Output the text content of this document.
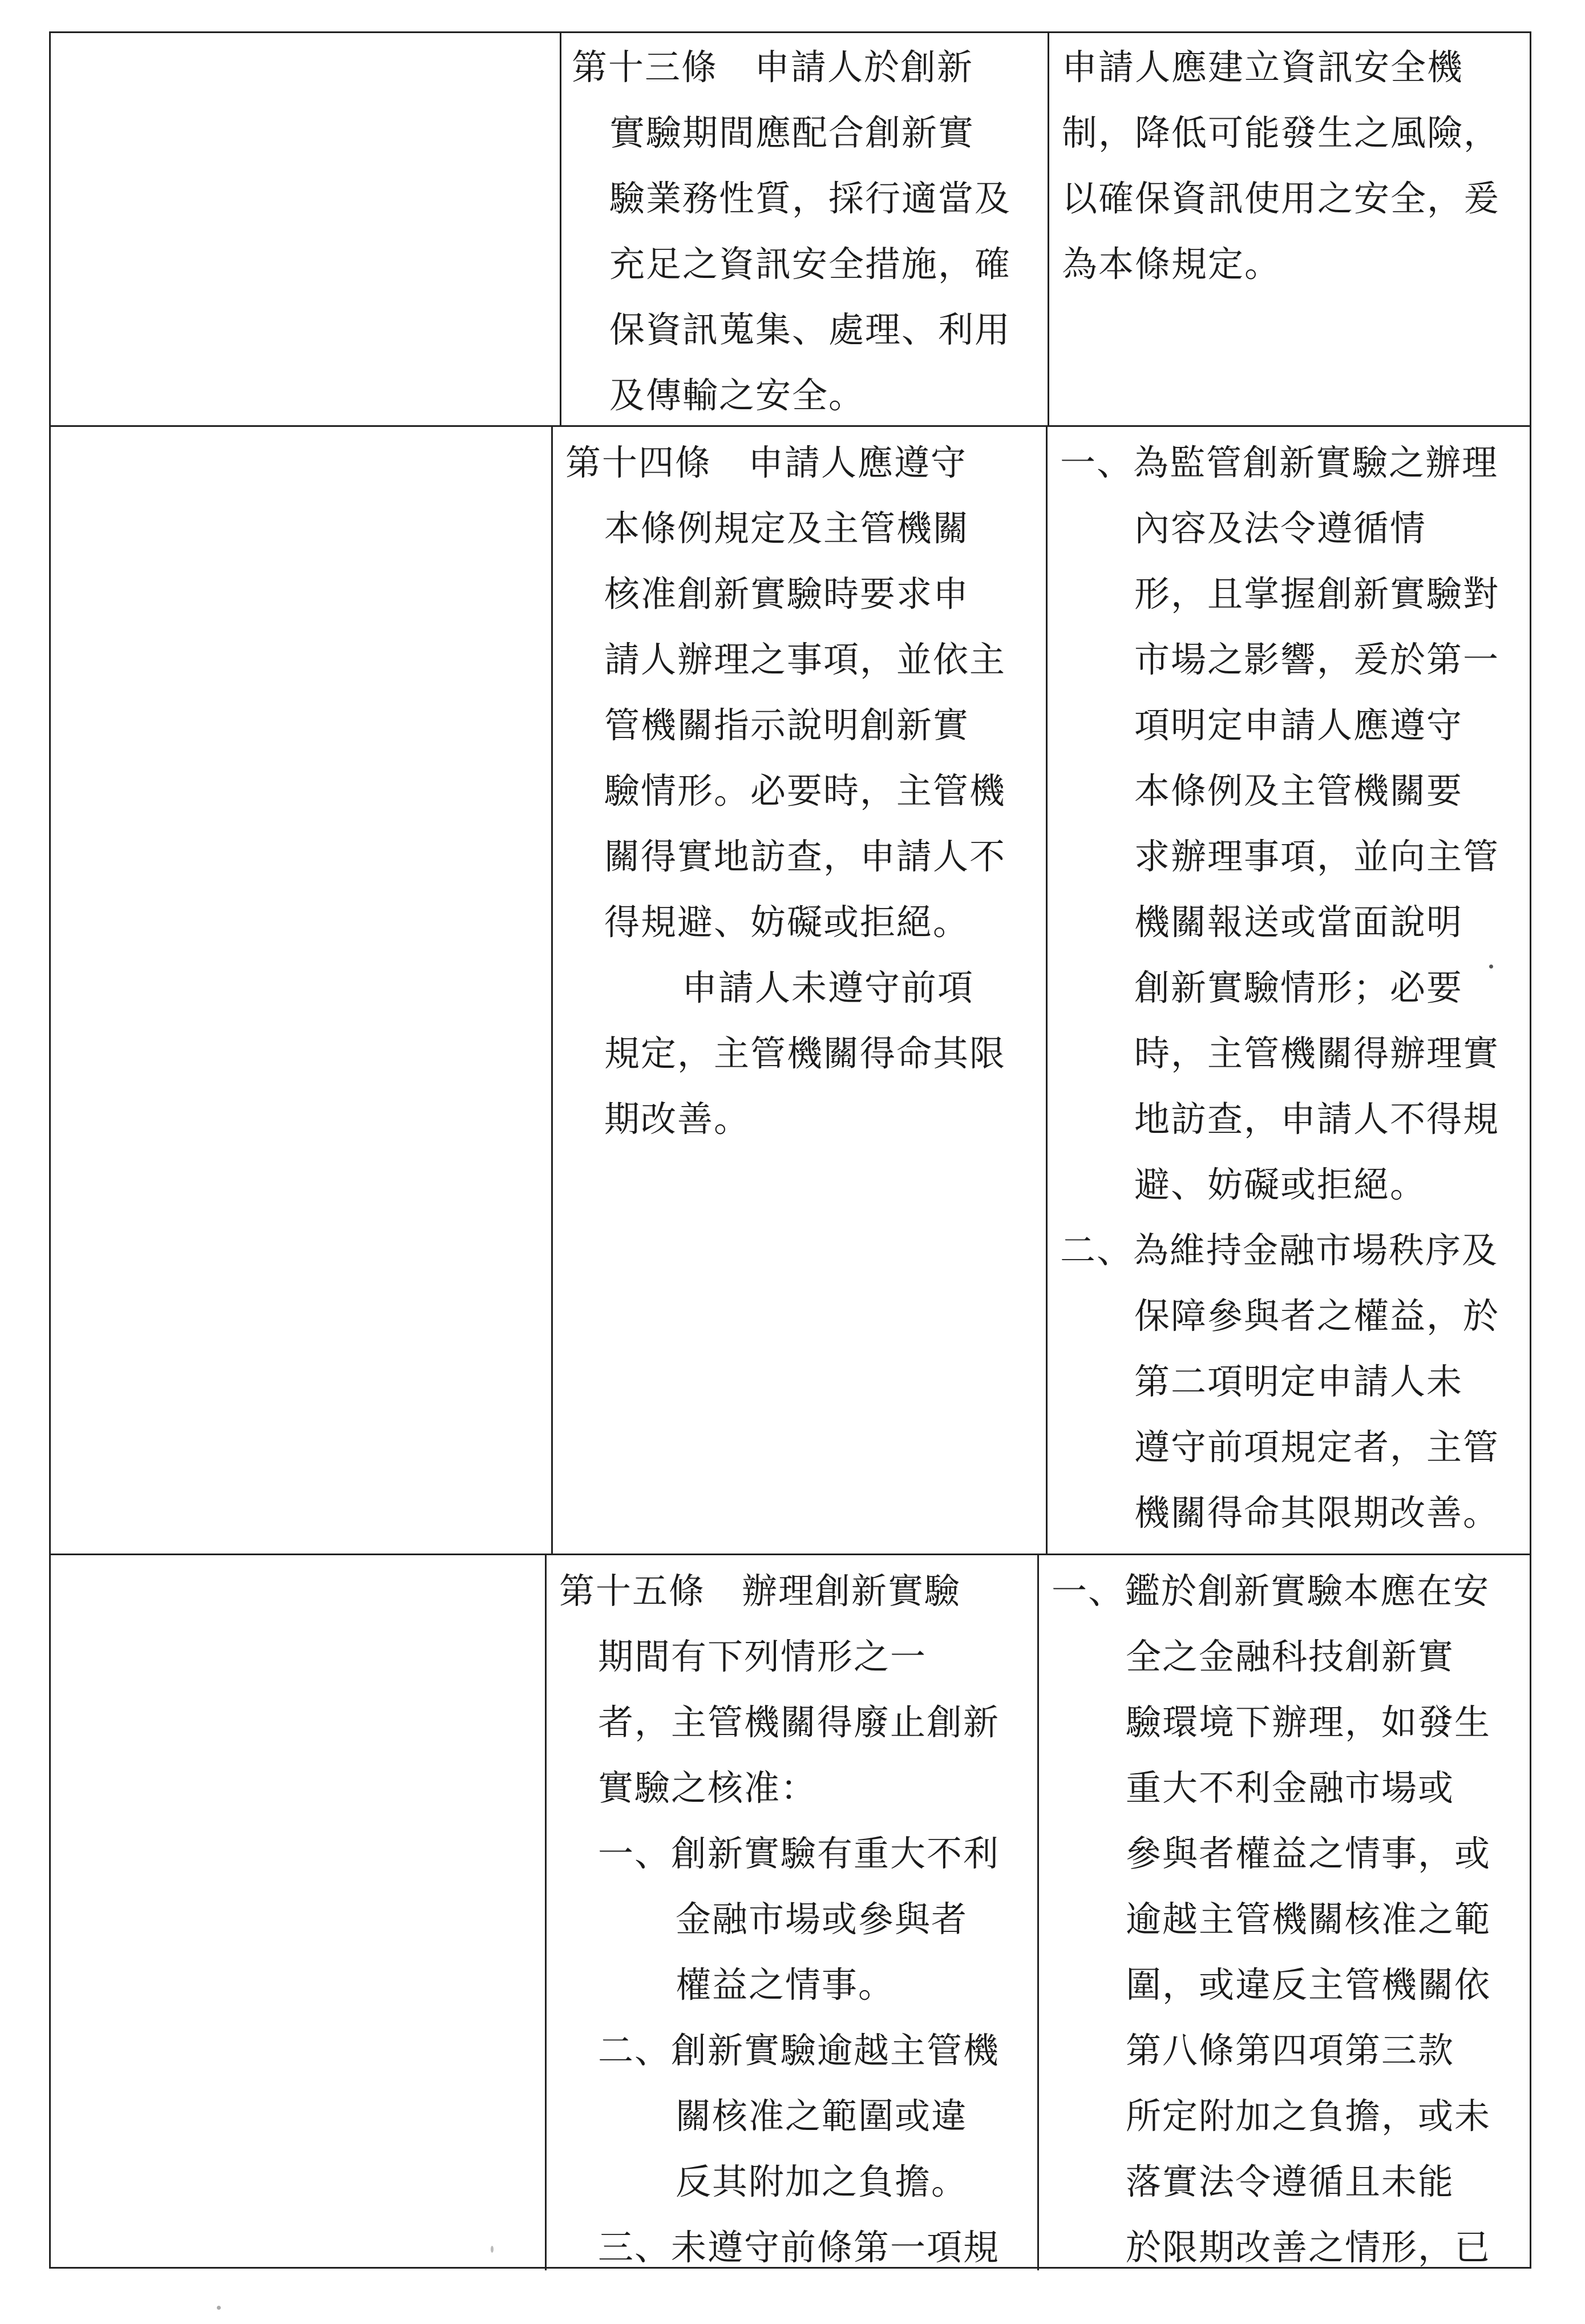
第十三條　申請人於創新
實驗期間應配合創新實
驗業務性質，採行適當及
充足之資訊安全措施，確
保資訊蒐集、處理、利用
及傳輸之安全。
申請人應建立資訊安全機
制，降低可能發生之風險，
以確保資訊使用之安全，爰
為本條規定。
第十四條　申請人應遵守
本條例規定及主管機關
核准創新實驗時要求申
請人辦理之事項，並依主
管機關指示說明創新實
驗情形。必要時，主管機
關得實地訪查，申請人不
得規避、妨礙或拒絕。
申請人未遵守前項
規定，主管機關得命其限
期改善。
一、為監管創新實驗之辦理
內容及法令遵循情
形，且掌握創新實驗對
市場之影響，爰於第一
項明定申請人應遵守
本條例及主管機關要
求辦理事項，並向主管
機關報送或當面說明
創新實驗情形；必要
時，主管機關得辦理實
地訪查，申請人不得規
避、妨礙或拒絕。
二、為維持金融市場秩序及
保障參與者之權益，於
第二項明定申請人未
遵守前項規定者，主管
機關得命其限期改善。
第十五條　辦理創新實驗
期間有下列情形之一
者，主管機關得廢止創新
實驗之核准：
一、創新實驗有重大不利
金融市場或參與者
權益之情事。
二、創新實驗逾越主管機
關核准之範圍或違
反其附加之負擔。
三、未遵守前條第一項規
一、鑑於創新實驗本應在安
全之金融科技創新實
驗環境下辦理，如發生
重大不利金融市場或
參與者權益之情事，或
逾越主管機關核准之範
圍，或違反主管機關依
第八條第四項第三款
所定附加之負擔，或未
落實法令遵循且未能
於限期改善之情形，已
